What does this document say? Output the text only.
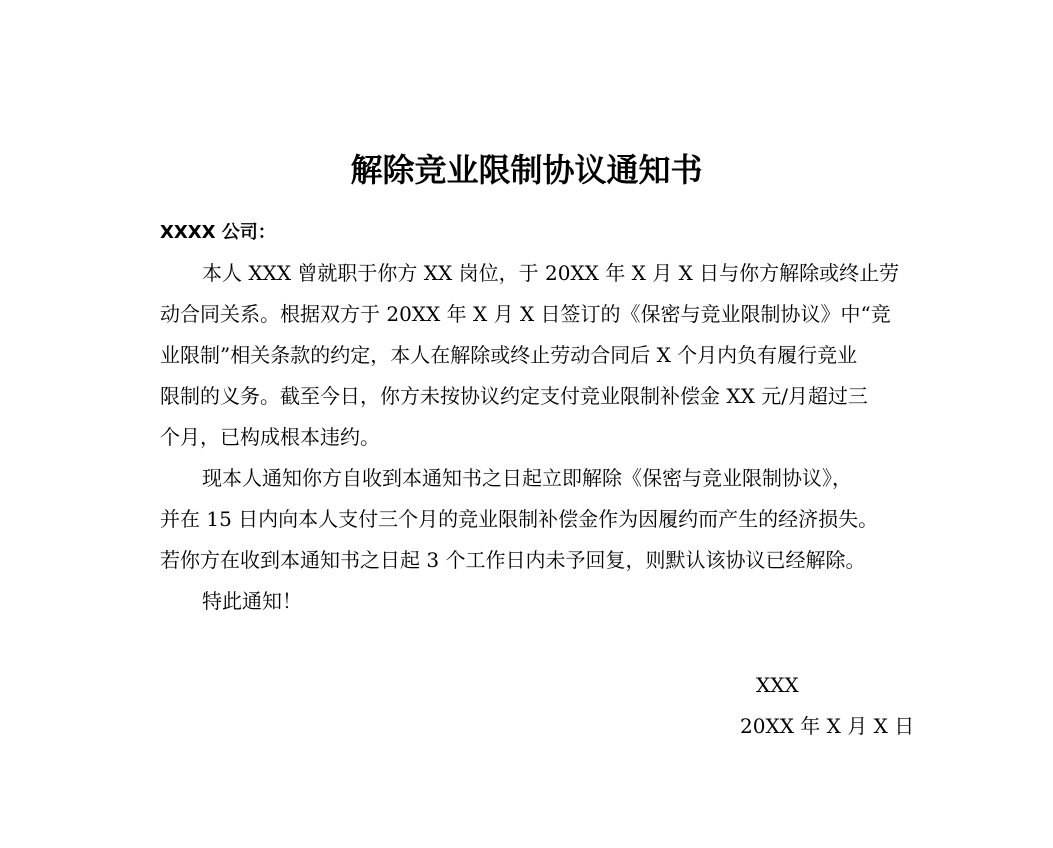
解除竞业限制协议通知书

XXXX 公司：

本人 XXX 曾就职于你方 XX 岗位，于 20XX 年 X 月 X 日与你方解除或终止劳
动合同关系。根据双方于 20XX 年 X 月 X 日签订的《保密与竞业限制协议》中“竞
业限制”相关条款的约定，本人在解除或终止劳动合同后 X 个月内负有履行竞业
限制的义务。截至今日，你方未按协议约定支付竞业限制补偿金 XX 元/月超过三
个月，已构成根本违约。
现本人通知你方自收到本通知书之日起立即解除《保密与竞业限制协议》，
并在 15 日内向本人支付三个月的竞业限制补偿金作为因履约而产生的经济损失。
若你方在收到本通知书之日起 3 个工作日内未予回复，则默认该协议已经解除。
特此通知！
XXX
20XX 年 X 月 X 日
